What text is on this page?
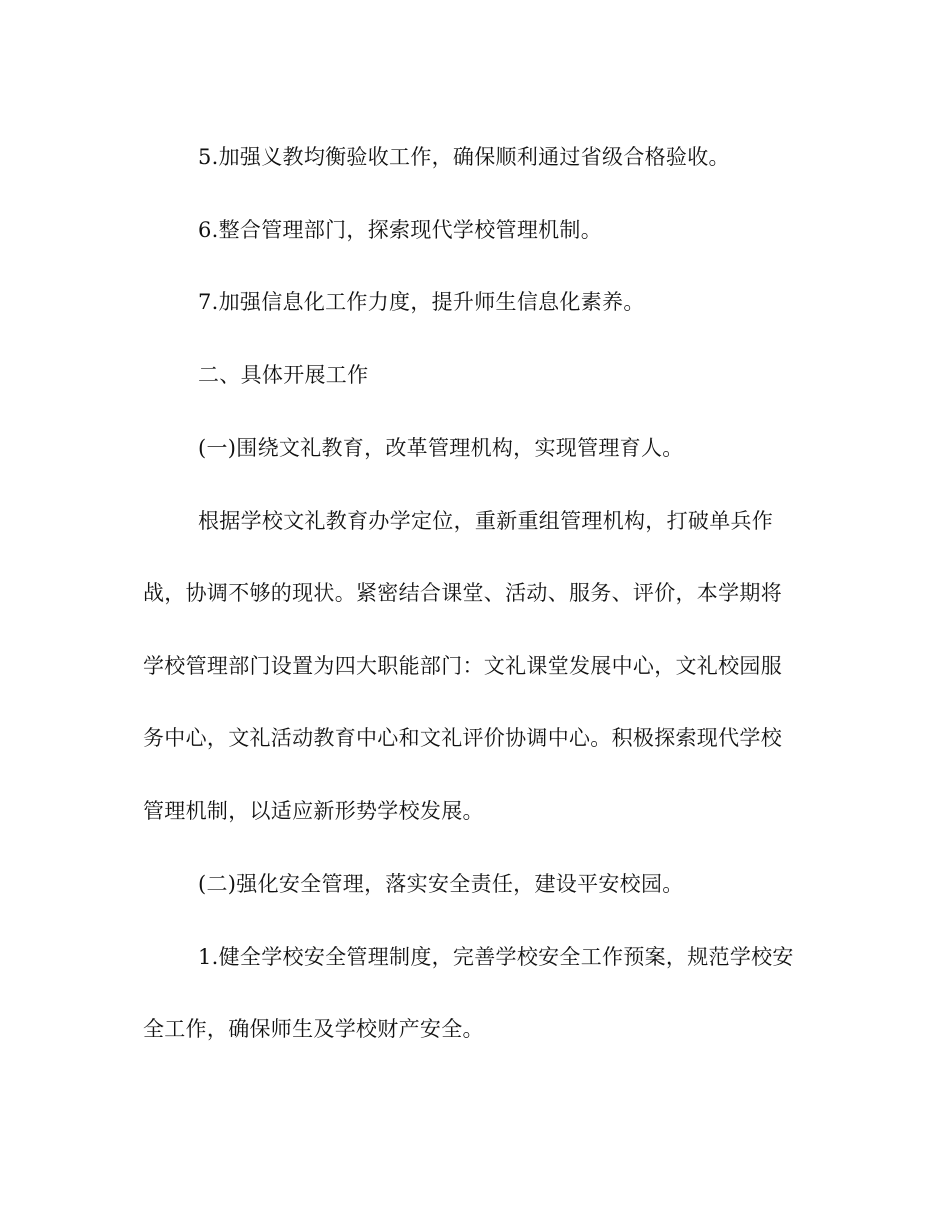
5.加强义教均衡验收工作，确保顺利通过省级合格验收。
6.整合管理部门，探索现代学校管理机制。
7.加强信息化工作力度，提升师生信息化素养。
二、具体开展工作
(一)围绕文礼教育，改革管理机构，实现管理育人。
根据学校文礼教育办学定位，重新重组管理机构，打破单兵作
战，协调不够的现状。紧密结合课堂、活动、服务、评价，本学期将
学校管理部门设置为四大职能部门：文礼课堂发展中心，文礼校园服
务中心，文礼活动教育中心和文礼评价协调中心。积极探索现代学校
管理机制，以适应新形势学校发展。
(二)强化安全管理，落实安全责任，建设平安校园。
1.健全学校安全管理制度，完善学校安全工作预案，规范学校安
全工作，确保师生及学校财产安全。
